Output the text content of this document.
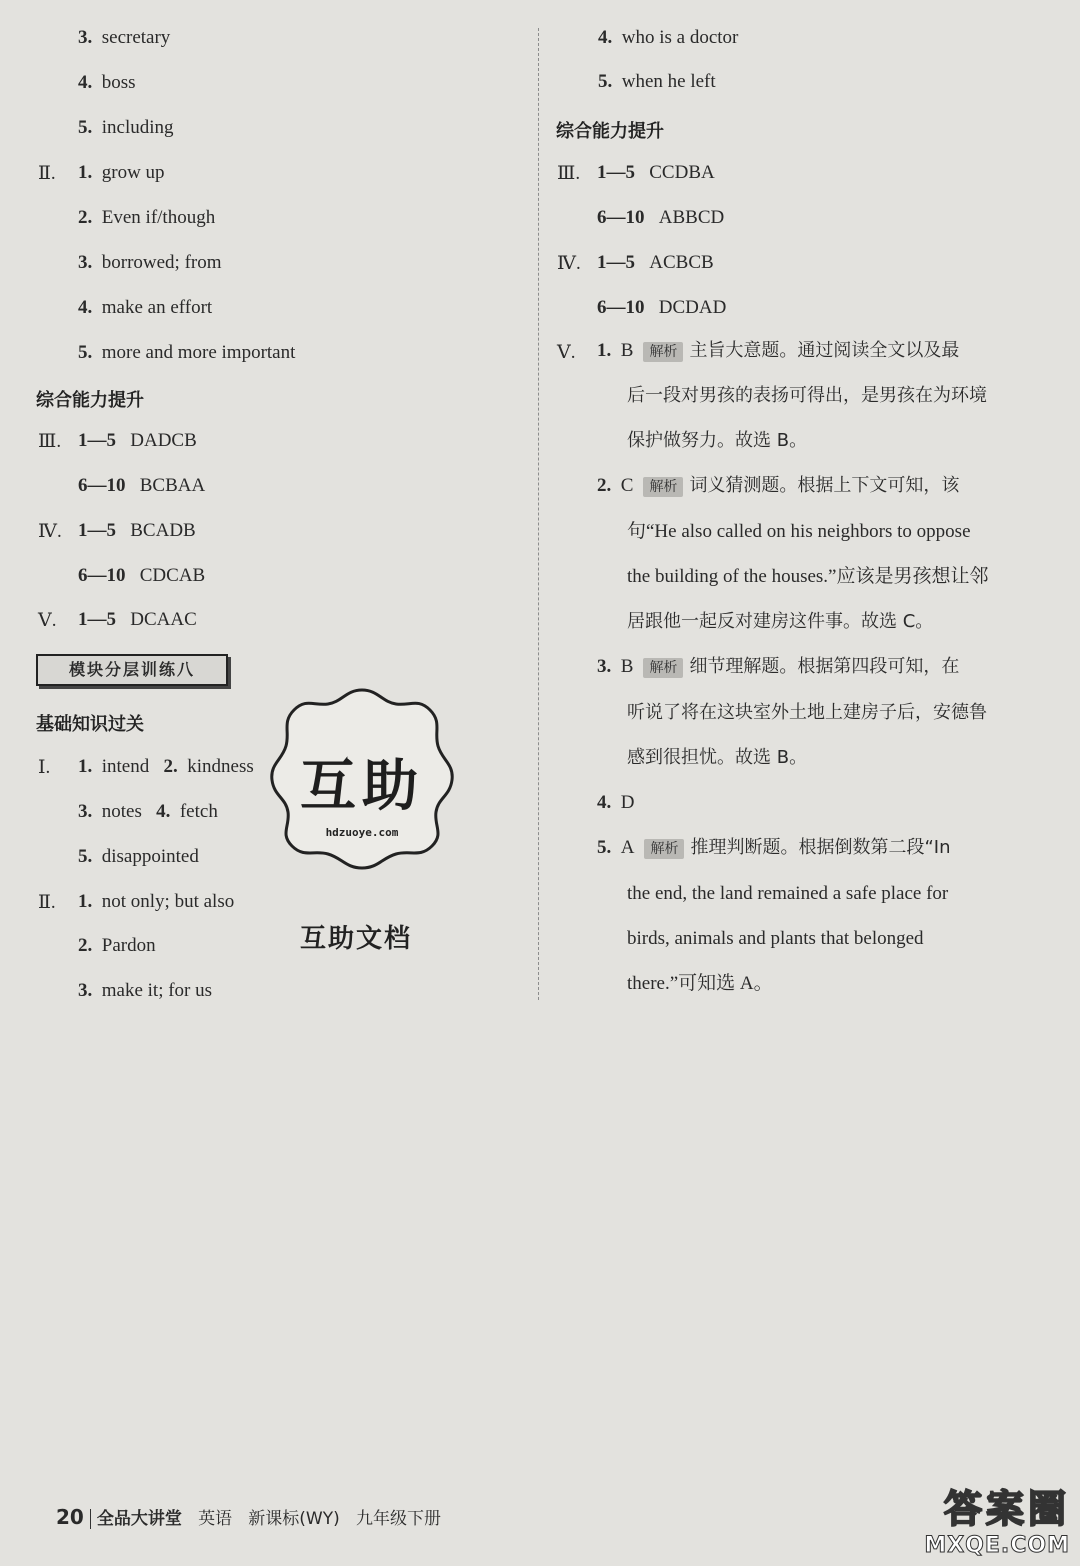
3. secretary
4. boss
5. including
Ⅱ. 1. grow up
2. Even if/though
3. borrowed; from
4. make an effort
5. more and more important
综合能力提升
Ⅲ. 1—5 DADCB
6—10 BCBAA
Ⅳ. 1—5 BCADB
6—10 CDCAB
Ⅴ. 1—5 DCAAC
模块分层训练八
基础知识过关
Ⅰ. 1. intend 2. kindness
3. notes 4. fetch
5. disappointed
Ⅱ. 1. not only; but also
2. Pardon
3. make it; for us
4. who is a doctor
5. when he left
综合能力提升
Ⅲ. 1—5 CCDBA
6—10 ABBCD
Ⅳ. 1—5 ACBCB
6—10 DCDAD
Ⅴ. 1. B 解析 主旨大意题。通过阅读全文以及最
后一段对男孩的表扬可得出，是男孩在为环境
保护做努力。故选 B。
2. C 解析 词义猜测题。根据上下文可知，该
句“He also called on his neighbors to oppose
the building of the houses.”应该是男孩想让邻
居跟他一起反对建房这件事。故选 C。
3. B 解析 细节理解题。根据第四段可知，在
听说了将在这块室外土地上建房子后，安德鲁
感到很担忧。故选 B。
4. D
5. A 解析 推理判断题。根据倒数第二段“In
the end, the land remained a safe place for
birds, animals and plants that belonged
there.”可知选 A。
互助
hdzuoye.com
互助文档
20 全品大讲堂 英语 新课标(WY) 九年级下册	答案圈
MXQE.COM
